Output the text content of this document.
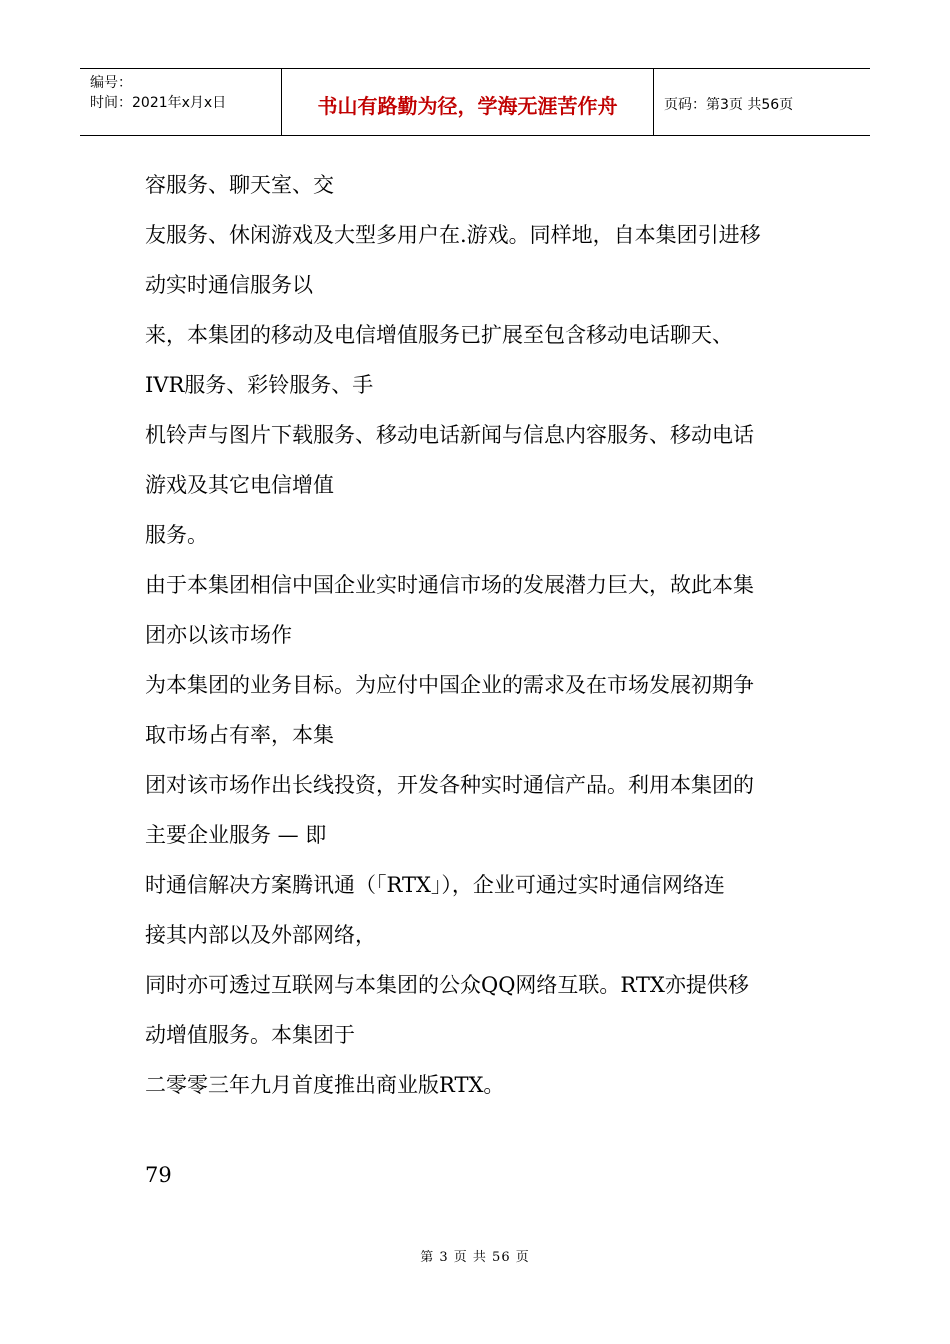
编号：
时间：2021年x月x日	书山有路勤为径，学海无涯苦作舟	页码：第3页 共56页

容服务、聊天室、交

友服务、休闲游戏及大型多用户在.游戏。同样地，自本集团引进移

动实时通信服务以

来，本集团的移动及电信增值服务已扩展至包含移动电话聊天、

IVR服务、彩铃服务、手

机铃声与图片下载服务、移动电话新闻与信息内容服务、移动电话

游戏及其它电信增值

服务。

由于本集团相信中国企业实时通信市场的发展潜力巨大，故此本集

团亦以该市场作

为本集团的业务目标。为应付中国企业的需求及在市场发展初期争

取市场占有率，本集

团对该市场作出长线投资，开发各种实时通信产品。利用本集团的

主要企业服务 — 即

时通信解决方案腾讯通（「RTX」），企业可通过实时通信网络连

接其内部以及外部网络，

同时亦可透过互联网与本集团的公众QQ网络互联。RTX亦提供移

动增值服务。本集团于

二零零三年九月首度推出商业版RTX。

79
第 3 页 共 56 页
